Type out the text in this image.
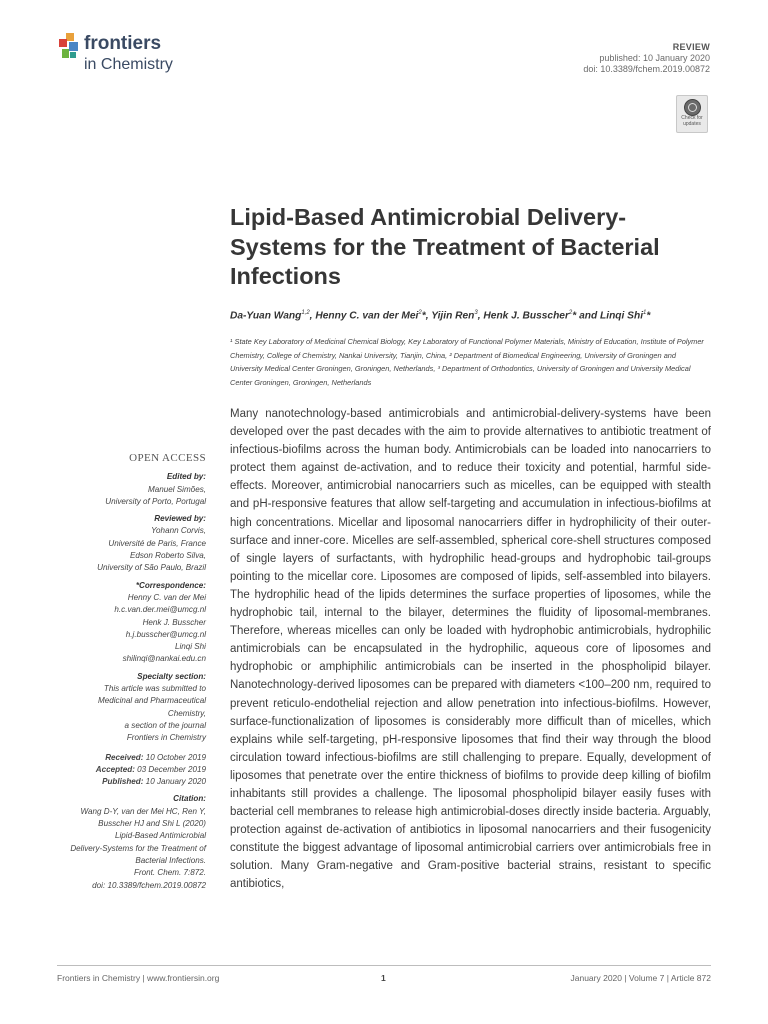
frontiers
in Chemistry
REVIEW
published: 10 January 2020
doi: 10.3389/fchem.2019.00872
Check for updates
Lipid-Based Antimicrobial Delivery-Systems for the Treatment of Bacterial Infections
Da-Yuan Wang$^{1,2}$, Henny C. van der Mei$^2$*, Yijin Ren$^3$, Henk J. Busscher$^2$* and Linqi Shi$^1$*
¹ State Key Laboratory of Medicinal Chemical Biology, Key Laboratory of Functional Polymer Materials, Ministry of Education, Institute of Polymer Chemistry, College of Chemistry, Nankai University, Tianjin, China, ² Department of Biomedical Engineering, University of Groningen and University Medical Center Groningen, Groningen, Netherlands, ³ Department of Orthodontics, University of Groningen and University Medical Center Groningen, Groningen, Netherlands
OPEN ACCESS
Edited by:
Manuel Simões,
University of Porto, Portugal
Reviewed by:
Yohann Corvis,
Université de Paris, France
Edson Roberto Silva,
University of São Paulo, Brazil
*Correspondence:
Henny C. van der Mei
h.c.van.der.mei@umcg.nl
Henk J. Busscher
h.j.busscher@umcg.nl
Linqi Shi
shilinqi@nankai.edu.cn
Specialty section:
This article was submitted to
Medicinal and Pharmaceutical
Chemistry,
a section of the journal
Frontiers in Chemistry
Received: 10 October 2019
Accepted: 03 December 2019
Published: 10 January 2020
Citation:
Wang D-Y, van der Mei HC, Ren Y,
Busscher HJ and Shi L (2020)
Lipid-Based Antimicrobial
Delivery-Systems for the Treatment of
Bacterial Infections.
Front. Chem. 7:872.
doi: 10.3389/fchem.2019.00872

Many nanotechnology-based antimicrobials and antimicrobial-delivery-systems have been developed over the past decades with the aim to provide alternatives to antibiotic treatment of infectious-biofilms across the human body. Antimicrobials can be loaded into nanocarriers to protect them against de-activation, and to reduce their toxicity and potential, harmful side-effects. Moreover, antimicrobial nanocarriers such as micelles, can be equipped with stealth and pH-responsive features that allow self-targeting and accumulation in infectious-biofilms at high concentrations. Micellar and liposomal nanocarriers differ in hydrophilicity of their outer-surface and inner-core. Micelles are self-assembled, spherical core-shell structures composed of single layers of surfactants, with hydrophilic head-groups and hydrophobic tail-groups pointing to the micellar core. Liposomes are composed of lipids, self-assembled into bilayers. The hydrophilic head of the lipids determines the surface properties of liposomes, while the hydrophobic tail, internal to the bilayer, determines the fluidity of liposomal-membranes. Therefore, whereas micelles can only be loaded with hydrophobic antimicrobials, hydrophilic antimicrobials can be encapsulated in the hydrophilic, aqueous core of liposomes and hydrophobic or amphiphilic antimicrobials can be inserted in the phospholipid bilayer. Nanotechnology-derived liposomes can be prepared with diameters <100–200 nm, required to prevent reticulo-endothelial rejection and allow penetration into infectious-biofilms. However, surface-functionalization of liposomes is considerably more difficult than of micelles, which explains while self-targeting, pH-responsive liposomes that find their way through the blood circulation toward infectious-biofilms are still challenging to prepare. Equally, development of liposomes that penetrate over the entire thickness of biofilms to provide deep killing of biofilm inhabitants still provides a challenge. The liposomal phospholipid bilayer easily fuses with bacterial cell membranes to release high antimicrobial-doses directly inside bacteria. Arguably, protection against de-activation of antibiotics in liposomal nanocarriers and their fusogenicity constitute the biggest advantage of liposomal antimicrobial carriers over antimicrobials free in solution. Many Gram-negative and Gram-positive bacterial strains, resistant to specific antibiotics,

Frontiers in Chemistry | www.frontiersin.org	1	January 2020 | Volume 7 | Article 872
